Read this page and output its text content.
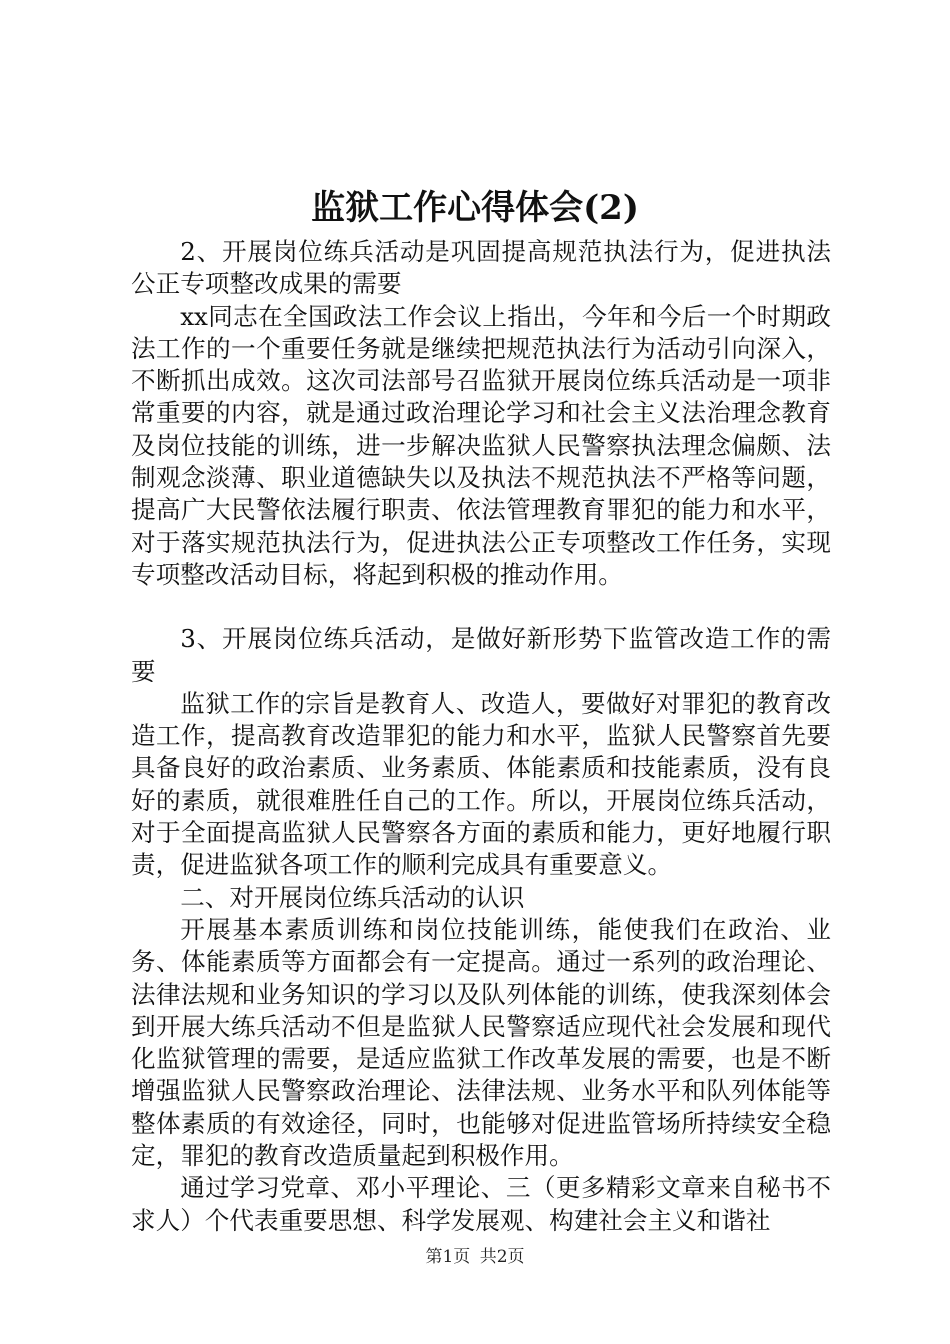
监狱工作心得体会(2)

2、开展岗位练兵活动是巩固提高规范执法行为，促进执法公正专项整改成果的需要

xx同志在全国政法工作会议上指出，今年和今后一个时期政法工作的一个重要任务就是继续把规范执法行为活动引向深入，不断抓出成效。这次司法部号召监狱开展岗位练兵活动是一项非常重要的内容，就是通过政治理论学习和社会主义法治理念教育及岗位技能的训练，进一步解决监狱人民警察执法理念偏颇、法制观念淡薄、职业道德缺失以及执法不规范执法不严格等问题，提高广大民警依法履行职责、依法管理教育罪犯的能力和水平，对于落实规范执法行为，促进执法公正专项整改工作任务，实现专项整改活动目标，将起到积极的推动作用。

3、开展岗位练兵活动，是做好新形势下监管改造工作的需要

监狱工作的宗旨是教育人、改造人，要做好对罪犯的教育改造工作，提高教育改造罪犯的能力和水平，监狱人民警察首先要具备良好的政治素质、业务素质、体能素质和技能素质，没有良好的素质，就很难胜任自己的工作。所以，开展岗位练兵活动，对于全面提高监狱人民警察各方面的素质和能力，更好地履行职责，促进监狱各项工作的顺利完成具有重要意义。

二、对开展岗位练兵活动的认识

开展基本素质训练和岗位技能训练，能使我们在政治、业务、体能素质等方面都会有一定提高。通过一系列的政治理论、法律法规和业务知识的学习以及队列体能的训练，使我深刻体会到开展大练兵活动不但是监狱人民警察适应现代社会发展和现代化监狱管理的需要，是适应监狱工作改革发展的需要，也是不断增强监狱人民警察政治理论、法律法规、业务水平和队列体能等整体素质的有效途径，同时，也能够对促进监管场所持续安全稳定，罪犯的教育改造质量起到积极作用。

通过学习党章、邓小平理论、三（更多精彩文章来自秘书不求人）个代表重要思想、科学发展观、构建社会主义和谐社

第1页 共2页
